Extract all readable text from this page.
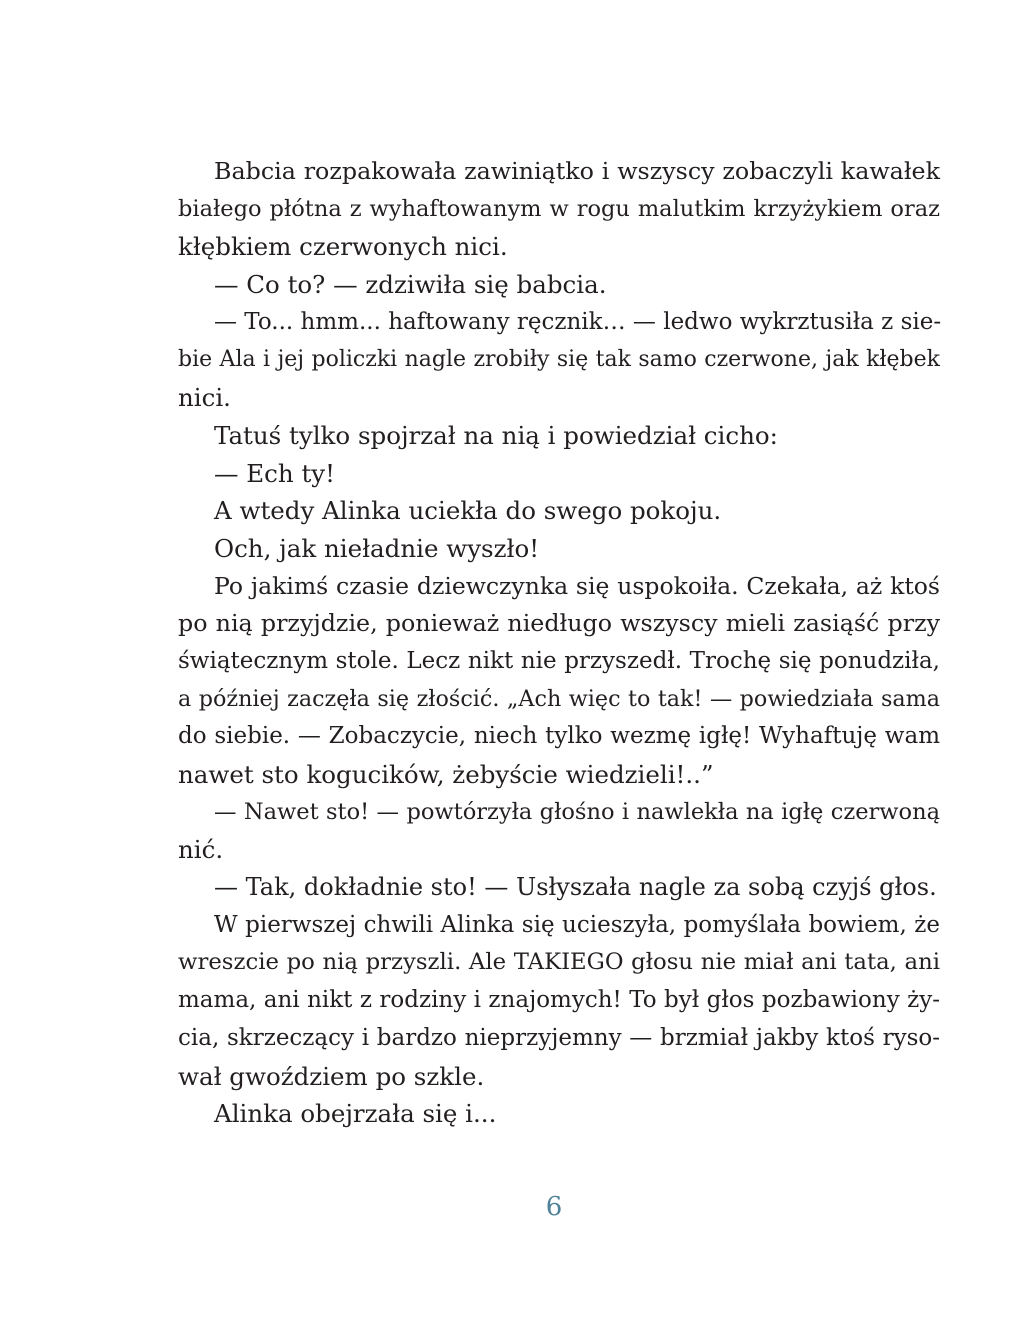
Babcia rozpakowała zawiniątko i wszyscy zobaczyli kawałek
białego płótna z wyhaftowanym w rogu malutkim krzyżykiem oraz
kłębkiem czerwonych nici.
— Co to? — zdziwiła się babcia.
— To... hmm... haftowany ręcznik… — ledwo wykrztusiła z sie-
bie Ala i jej policzki nagle zrobiły się tak samo czerwone, jak kłębek
nici.
Tatuś tylko spojrzał na nią i powiedział cicho:
— Ech ty!
A wtedy Alinka uciekła do swego pokoju.
Och, jak nieładnie wyszło!
Po jakimś czasie dziewczynka się uspokoiła. Czekała, aż ktoś
po nią przyjdzie, ponieważ niedługo wszyscy mieli zasiąść przy
świątecznym stole. Lecz nikt nie przyszedł. Trochę się ponudziła,
a później zaczęła się złościć. „Ach więc to tak! — powiedziała sama
do siebie. — Zobaczycie, niech tylko wezmę igłę! Wyhaftuję wam
nawet sto kogucików, żebyście wiedzieli!..”
— Nawet sto! — powtórzyła głośno i nawlekła na igłę czerwoną
nić.
— Tak, dokładnie sto! — Usłyszała nagle za sobą czyjś głos.
W pierwszej chwili Alinka się ucieszyła, pomyślała bowiem, że
wreszcie po nią przyszli. Ale TAKIEGO głosu nie miał ani tata, ani
mama, ani nikt z rodziny i znajomych! To był głos pozbawiony ży-
cia, skrzeczący i bardzo nieprzyjemny — brzmiał jakby ktoś ryso-
wał gwoździem po szkle.
Alinka obejrzała się i...
6
